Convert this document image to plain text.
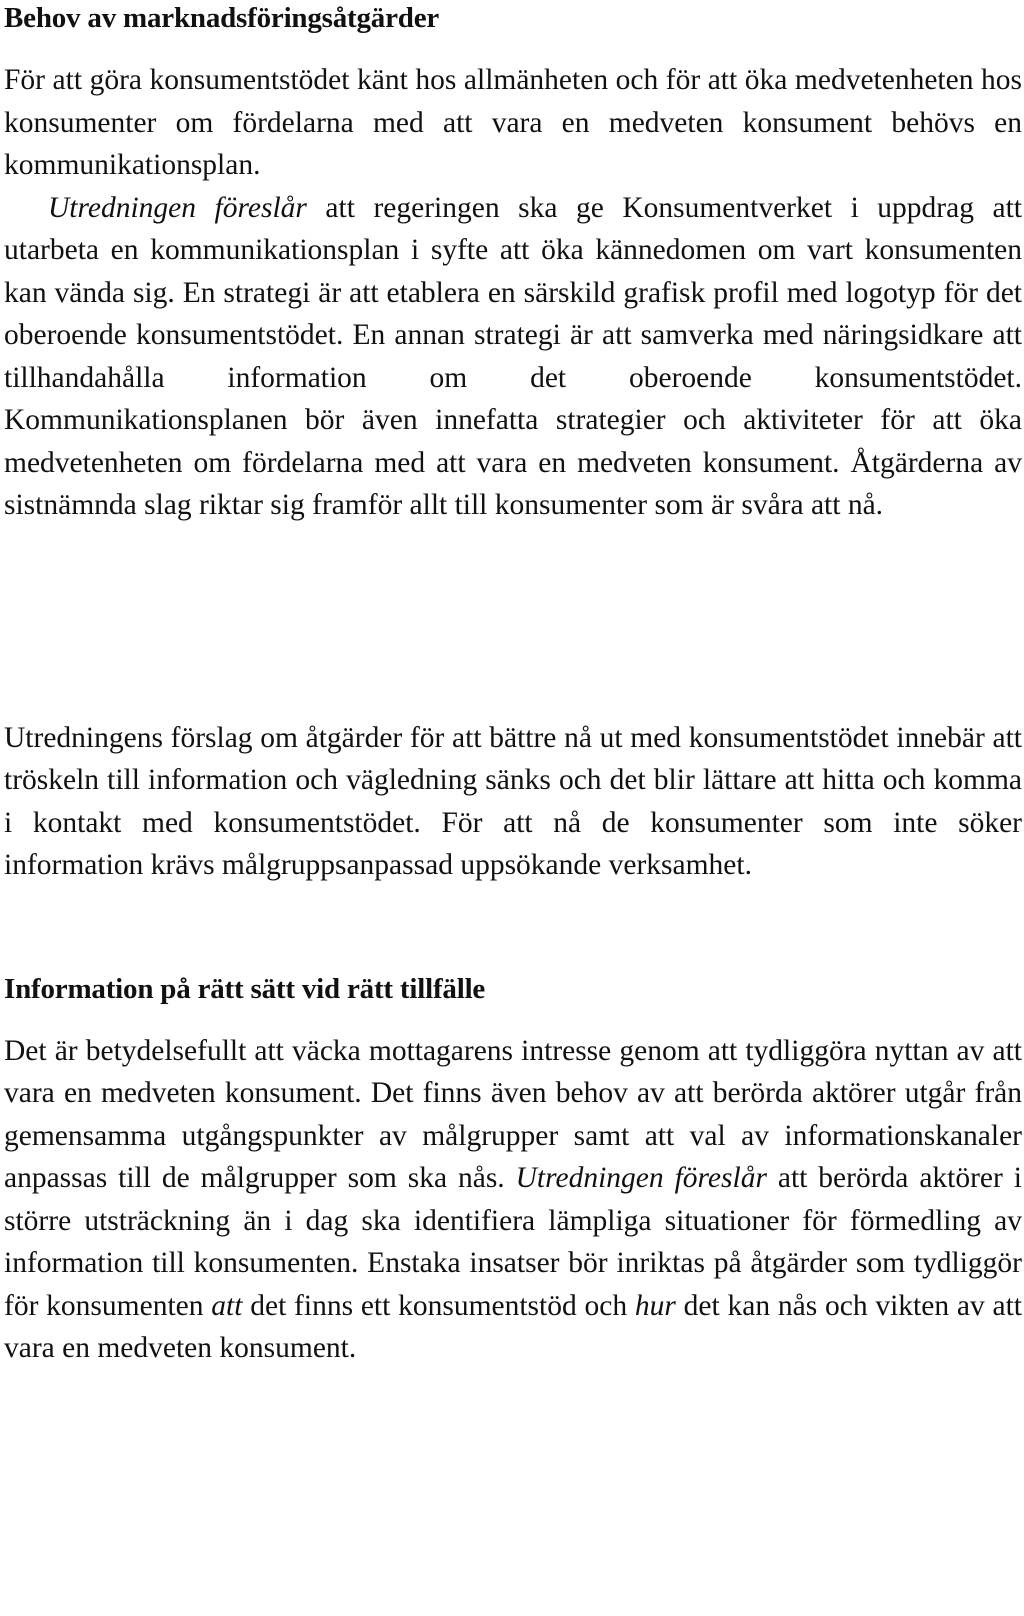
Behov av marknadsföringsåtgärder

För att göra konsumentstödet känt hos allmänheten och för att öka medvetenheten hos konsumenter om fördelarna med att vara en medveten konsument behövs en kommunikationsplan.

Utredningen föreslår att regeringen ska ge Konsumentverket i uppdrag att utarbeta en kommunikationsplan i syfte att öka kännedomen om vart konsumenten kan vända sig. En strategi är att etablera en särskild grafisk profil med logotyp för det oberoende konsumentstödet. En annan strategi är att samverka med näringsidkare att tillhandahålla information om det oberoende konsumentstödet. Kommunikationsplanen bör även innefatta strategier och aktiviteter för att öka medvetenheten om fördelarna med att vara en medveten konsument. Åtgärderna av sistnämnda slag riktar sig framför allt till konsumenter som är svåra att nå.

Utredningens förslag om åtgärder för att bättre nå ut med konsumentstödet innebär att tröskeln till information och vägledning sänks och det blir lättare att hitta och komma i kontakt med konsumentstödet. För att nå de konsumenter som inte söker information krävs målgruppsanpassad uppsökande verksamhet.

Information på rätt sätt vid rätt tillfälle

Det är betydelsefullt att väcka mottagarens intresse genom att tydliggöra nyttan av att vara en medveten konsument. Det finns även behov av att berörda aktörer utgår från gemensamma utgångspunkter av målgrupper samt att val av informationskanaler anpassas till de målgrupper som ska nås. Utredningen föreslår att berörda aktörer i större utsträckning än i dag ska identifiera lämpliga situationer för förmedling av information till konsumenten. Enstaka insatser bör inriktas på åtgärder som tydliggör för konsumenten att det finns ett konsumentstöd och hur det kan nås och vikten av att vara en medveten konsument.
